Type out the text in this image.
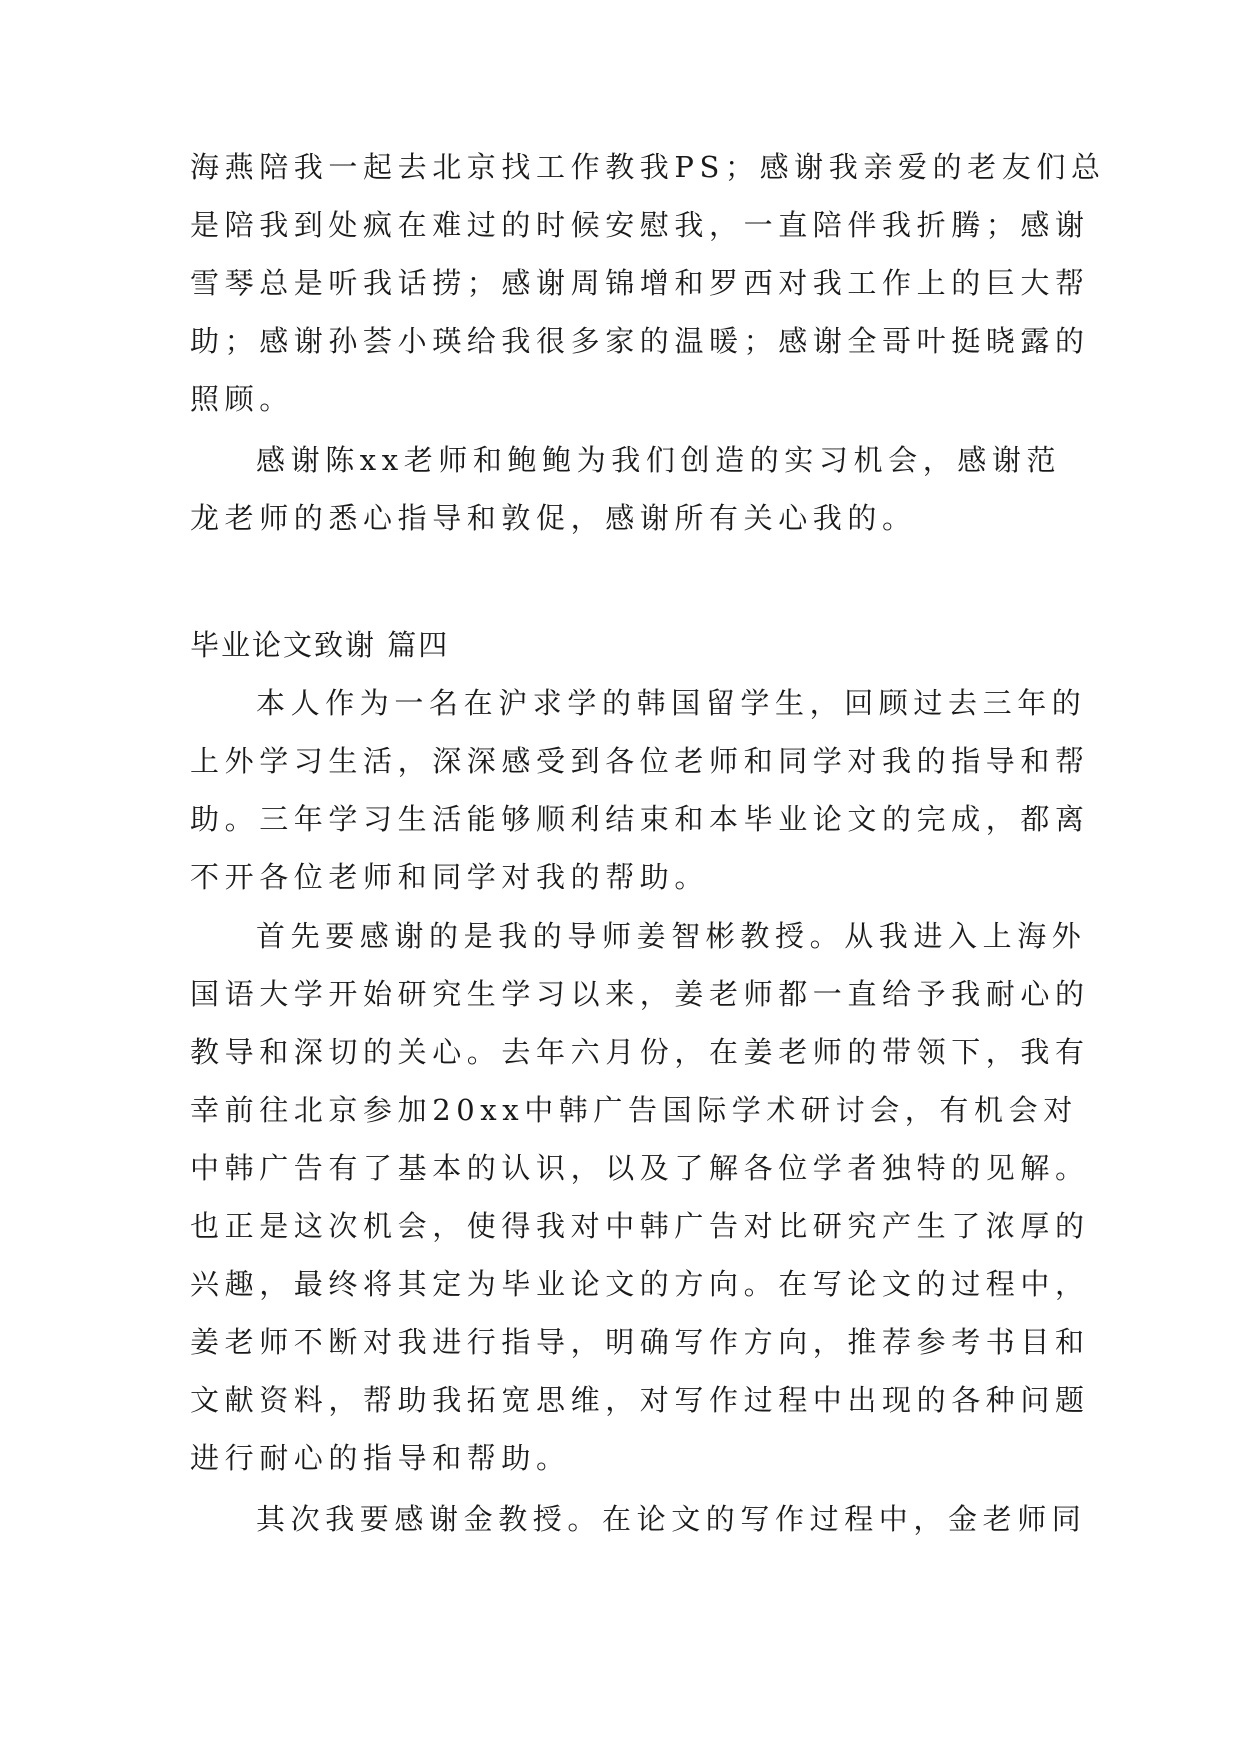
海燕陪我一起去北京找工作教我PS；感谢我亲爱的老友们总

是陪我到处疯在难过的时候安慰我，一直陪伴我折腾；感谢

雪琴总是听我话捞；感谢周锦增和罗西对我工作上的巨大帮

助；感谢孙荟小瑛给我很多家的温暖；感谢全哥叶挺晓露的

照顾。

感谢陈xx老师和鲍鲍为我们创造的实习机会，感谢范

龙老师的悉心指导和敦促，感谢所有关心我的。

毕业论文致谢 篇四

本人作为一名在沪求学的韩国留学生，回顾过去三年的

上外学习生活，深深感受到各位老师和同学对我的指导和帮

助。三年学习生活能够顺利结束和本毕业论文的完成，都离

不开各位老师和同学对我的帮助。

首先要感谢的是我的导师姜智彬教授。从我进入上海外

国语大学开始研究生学习以来，姜老师都一直给予我耐心的

教导和深切的关心。去年六月份，在姜老师的带领下，我有

幸前往北京参加20xx中韩广告国际学术研讨会，有机会对

中韩广告有了基本的认识，以及了解各位学者独特的见解。

也正是这次机会，使得我对中韩广告对比研究产生了浓厚的

兴趣，最终将其定为毕业论文的方向。在写论文的过程中，

姜老师不断对我进行指导，明确写作方向，推荐参考书目和

文献资料，帮助我拓宽思维，对写作过程中出现的各种问题

进行耐心的指导和帮助。

其次我要感谢金教授。在论文的写作过程中，金老师同
